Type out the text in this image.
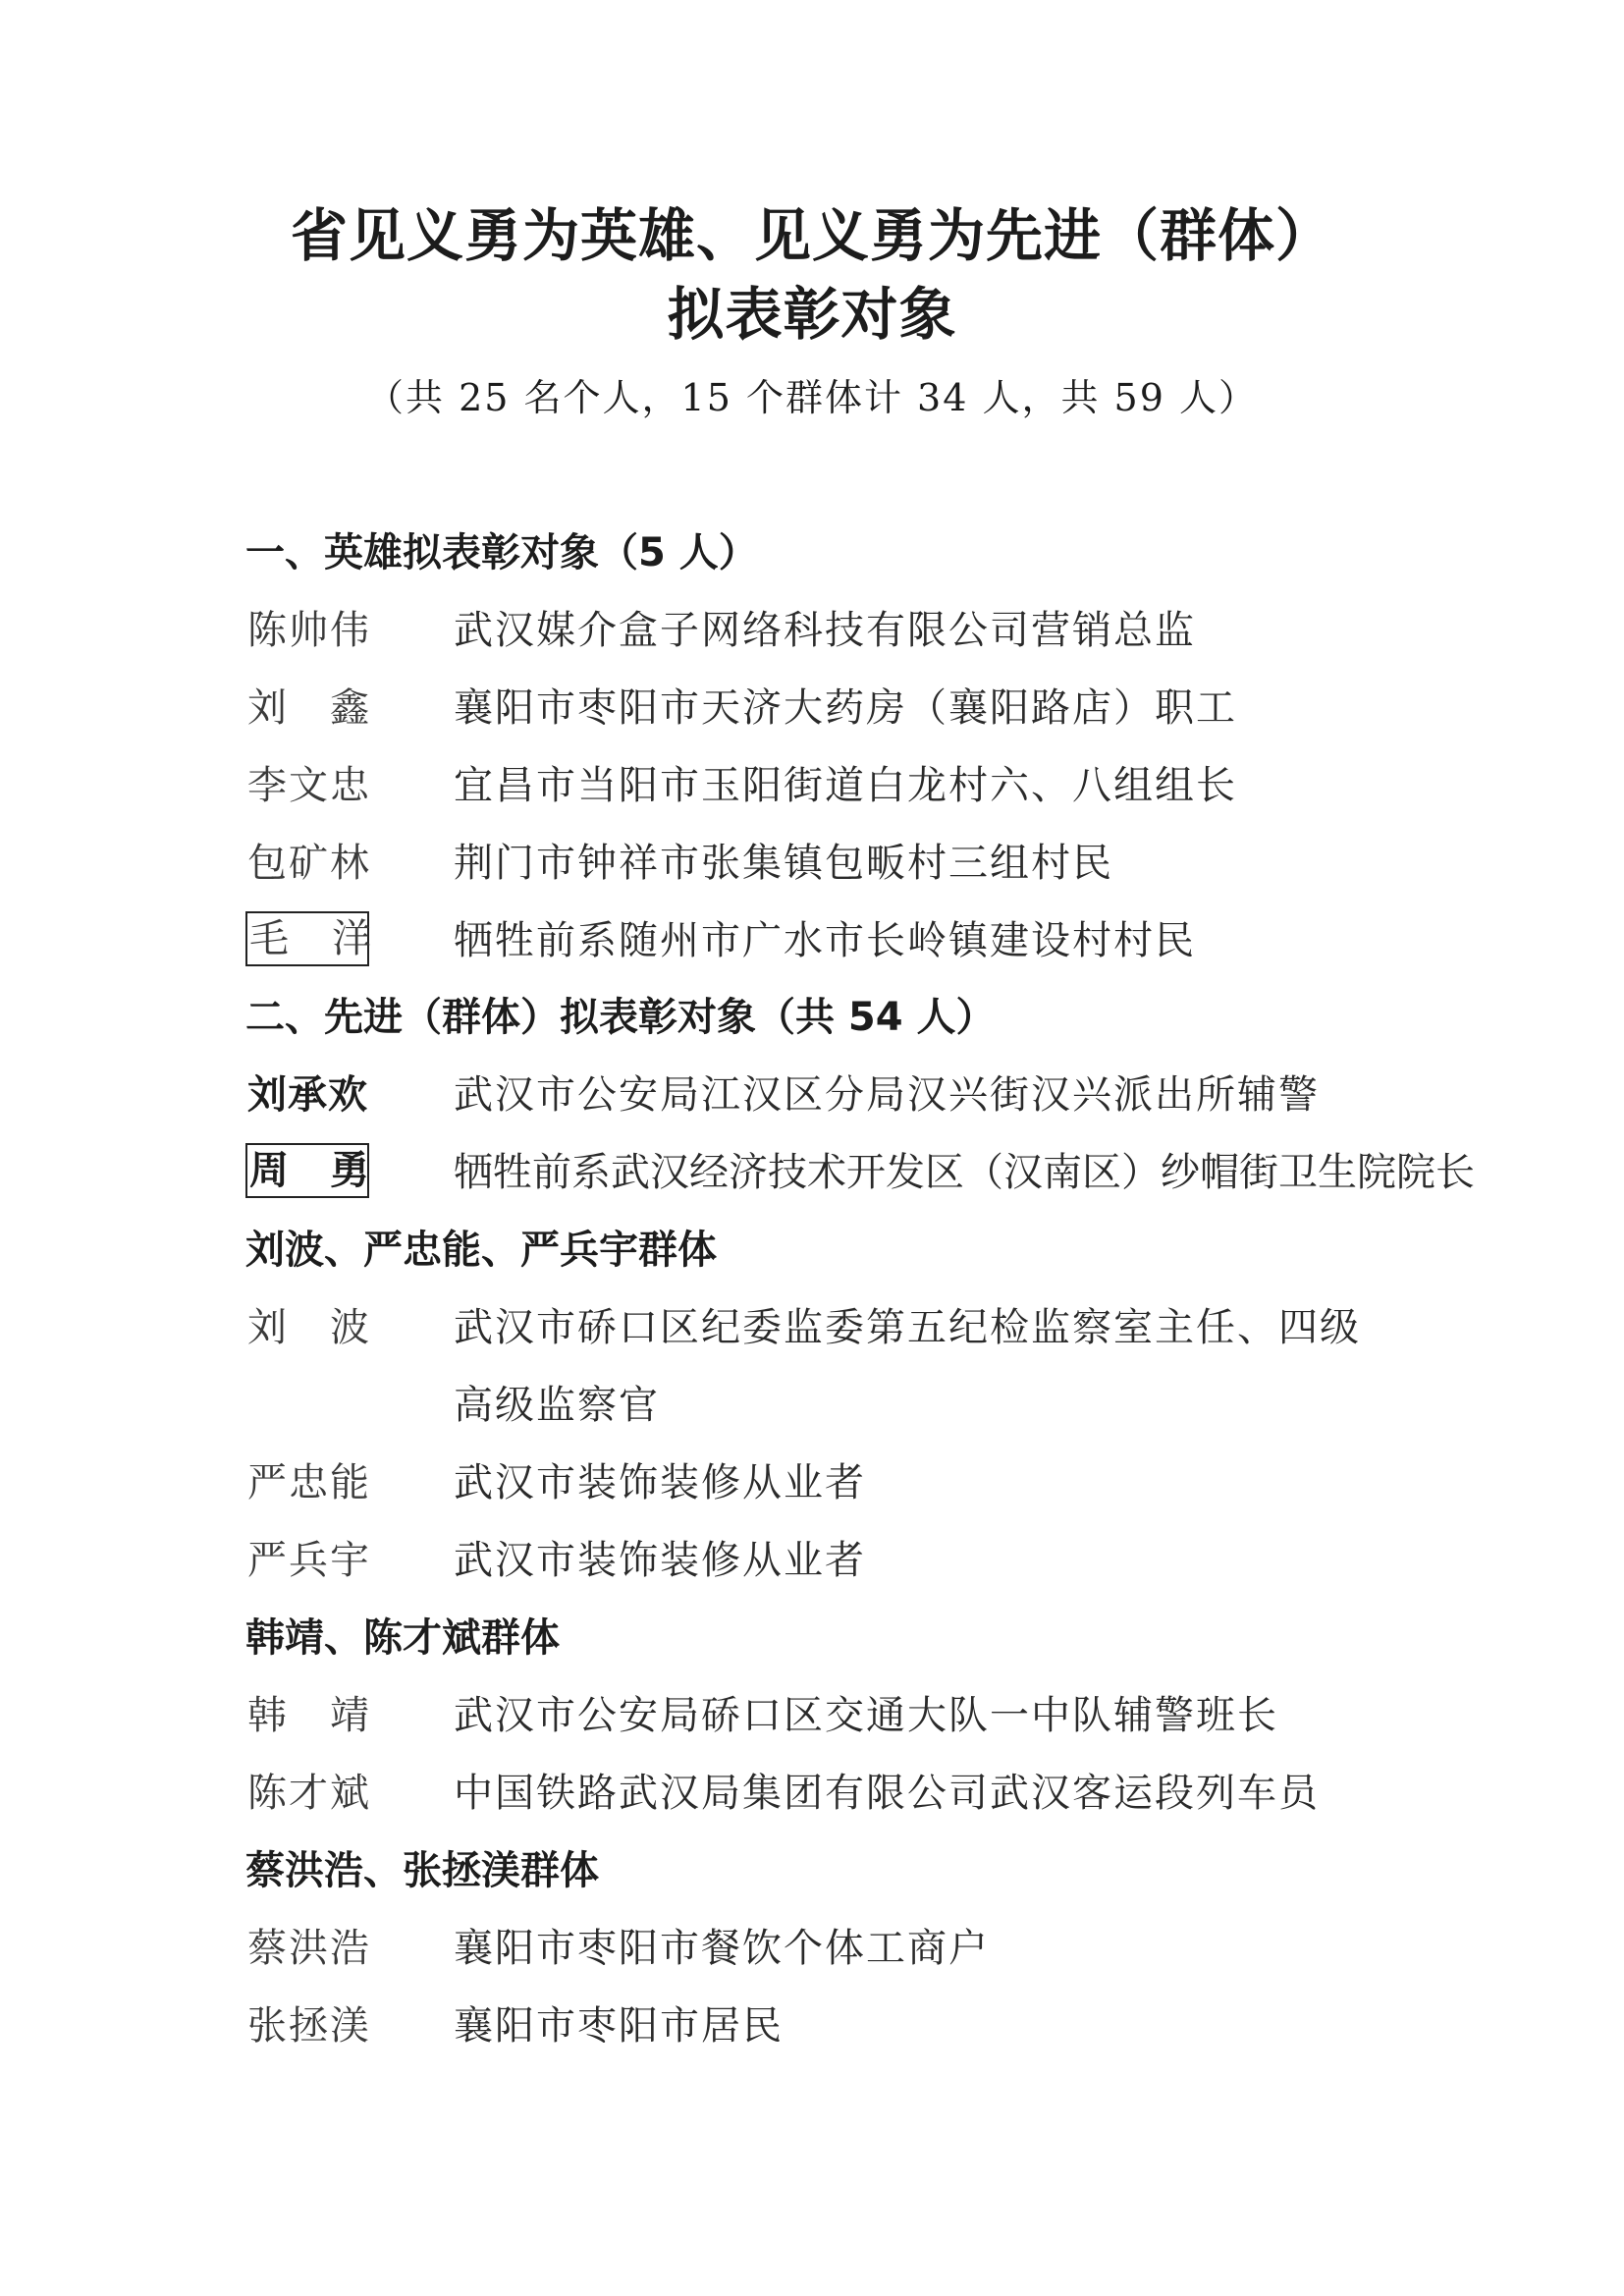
省见义勇为英雄、见义勇为先进（群体）
拟表彰对象
（共 25 名个人，15 个群体计 34 人，共 59 人）
一、英雄拟表彰对象（5 人）
陈帅伟 武汉媒介盒子网络科技有限公司营销总监
刘　鑫 襄阳市枣阳市天济大药房（襄阳路店）职工
李文忠 宜昌市当阳市玉阳街道白龙村六、八组组长
包矿林 荆门市钟祥市张集镇包畈村三组村民
毛　洋 牺牲前系随州市广水市长岭镇建设村村民
二、先进（群体）拟表彰对象（共 54 人）
刘承欢 武汉市公安局江汉区分局汉兴街汉兴派出所辅警
周　勇 牺牲前系武汉经济技术开发区（汉南区）纱帽街卫生院院长
刘波、严忠能、严兵宇群体
刘　波 武汉市硚口区纪委监委第五纪检监察室主任、四级
高级监察官
严忠能 武汉市装饰装修从业者
严兵宇 武汉市装饰装修从业者
韩靖、陈才斌群体
韩　靖 武汉市公安局硚口区交通大队一中队辅警班长
陈才斌 中国铁路武汉局集团有限公司武汉客运段列车员
蔡洪浩、张拯渼群体
蔡洪浩 襄阳市枣阳市餐饮个体工商户
张拯渼 襄阳市枣阳市居民
